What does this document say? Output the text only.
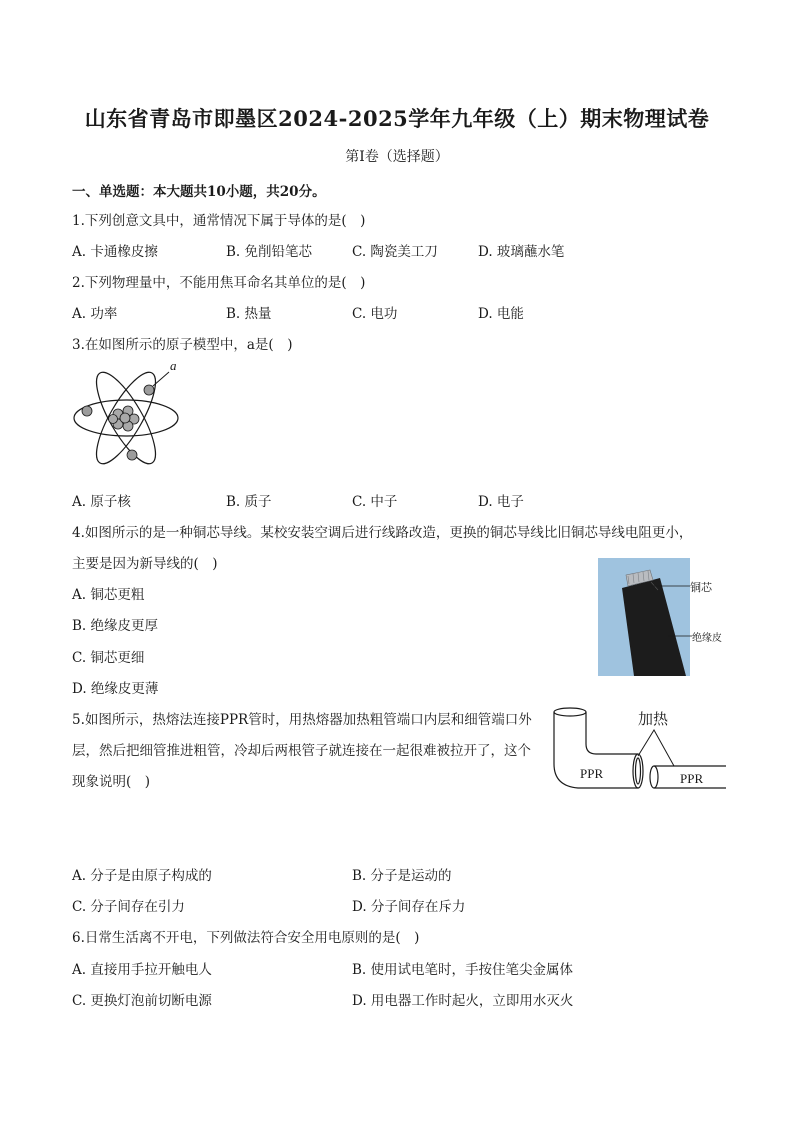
山东省青岛市即墨区2024-2025学年九年级（上）期末物理试卷
第Ⅰ卷（选择题）
一、单选题：本大题共10小题，共20分。
1.下列创意文具中，通常情况下属于导体的是(　)
A. 卡通橡皮擦	B. 免削铅笔芯	C. 陶瓷美工刀	D. 玻璃蘸水笔
2.下列物理量中，不能用焦耳命名其单位的是(　)
A. 功率	B. 热量	C. 电功	D. 电能
3.在如图所示的原子模型中，a是(　)
a
A. 原子核	B. 质子	C. 中子	D. 电子
4.如图所示的是一种铜芯导线。某校安装空调后进行线路改造，更换的铜芯导线比旧铜芯导线电阻更小，
主要是因为新导线的(　)
铜芯
绝缘皮
A. 铜芯更粗
B. 绝缘皮更厚
C. 铜芯更细
D. 绝缘皮更薄
5.如图所示，热熔法连接PPR管时，用热熔器加热粗管端口内层和细管端口外
层，然后把细管推进粗管，冷却后两根管子就连接在一起很难被拉开了，这个
现象说明(　)
加热
PPR	PPR
A. 分子是由原子构成的	B. 分子是运动的
C. 分子间存在引力	D. 分子间存在斥力
6.日常生活离不开电，下列做法符合安全用电原则的是(　)
A. 直接用手拉开触电人	B. 使用试电笔时，手按住笔尖金属体
C. 更换灯泡前切断电源	D. 用电器工作时起火，立即用水灭火
